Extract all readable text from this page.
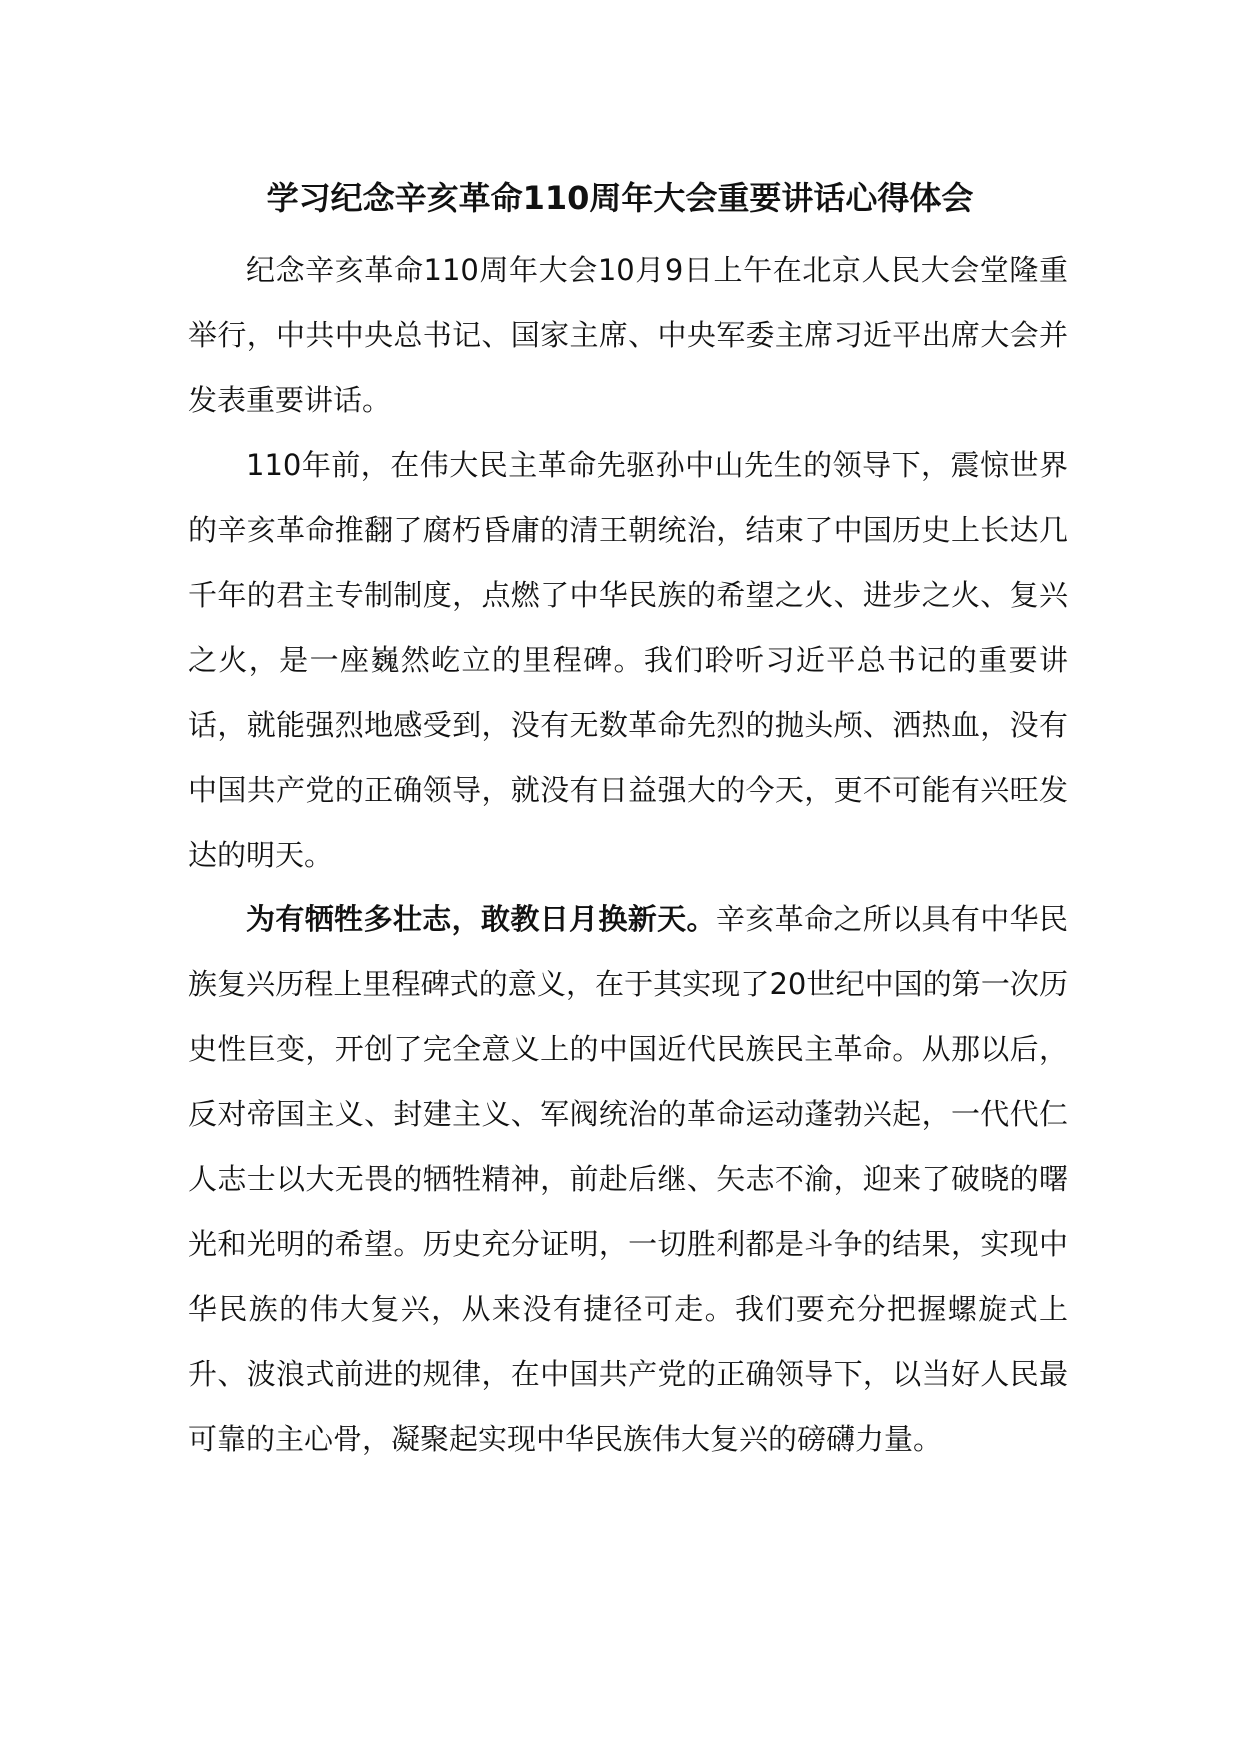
学习纪念辛亥革命110周年大会重要讲话心得体会

纪念辛亥革命110周年大会10月9日上午在北京人民大会堂隆重举行，中共中央总书记、国家主席、中央军委主席习近平出席大会并发表重要讲话。

110年前，在伟大民主革命先驱孙中山先生的领导下，震惊世界的辛亥革命推翻了腐朽昏庸的清王朝统治，结束了中国历史上长达几千年的君主专制制度，点燃了中华民族的希望之火、进步之火、复兴之火，是一座巍然屹立的里程碑。我们聆听习近平总书记的重要讲话，就能强烈地感受到，没有无数革命先烈的抛头颅、洒热血，没有中国共产党的正确领导，就没有日益强大的今天，更不可能有兴旺发达的明天。

为有牺牲多壮志，敢教日月换新天。辛亥革命之所以具有中华民族复兴历程上里程碑式的意义，在于其实现了20世纪中国的第一次历史性巨变，开创了完全意义上的中国近代民族民主革命。从那以后，反对帝国主义、封建主义、军阀统治的革命运动蓬勃兴起，一代代仁人志士以大无畏的牺牲精神，前赴后继、矢志不渝，迎来了破晓的曙光和光明的希望。历史充分证明，一切胜利都是斗争的结果，实现中华民族的伟大复兴，从来没有捷径可走。我们要充分把握螺旋式上升、波浪式前进的规律，在中国共产党的正确领导下，以当好人民最可靠的主心骨，凝聚起实现中华民族伟大复兴的磅礴力量。
